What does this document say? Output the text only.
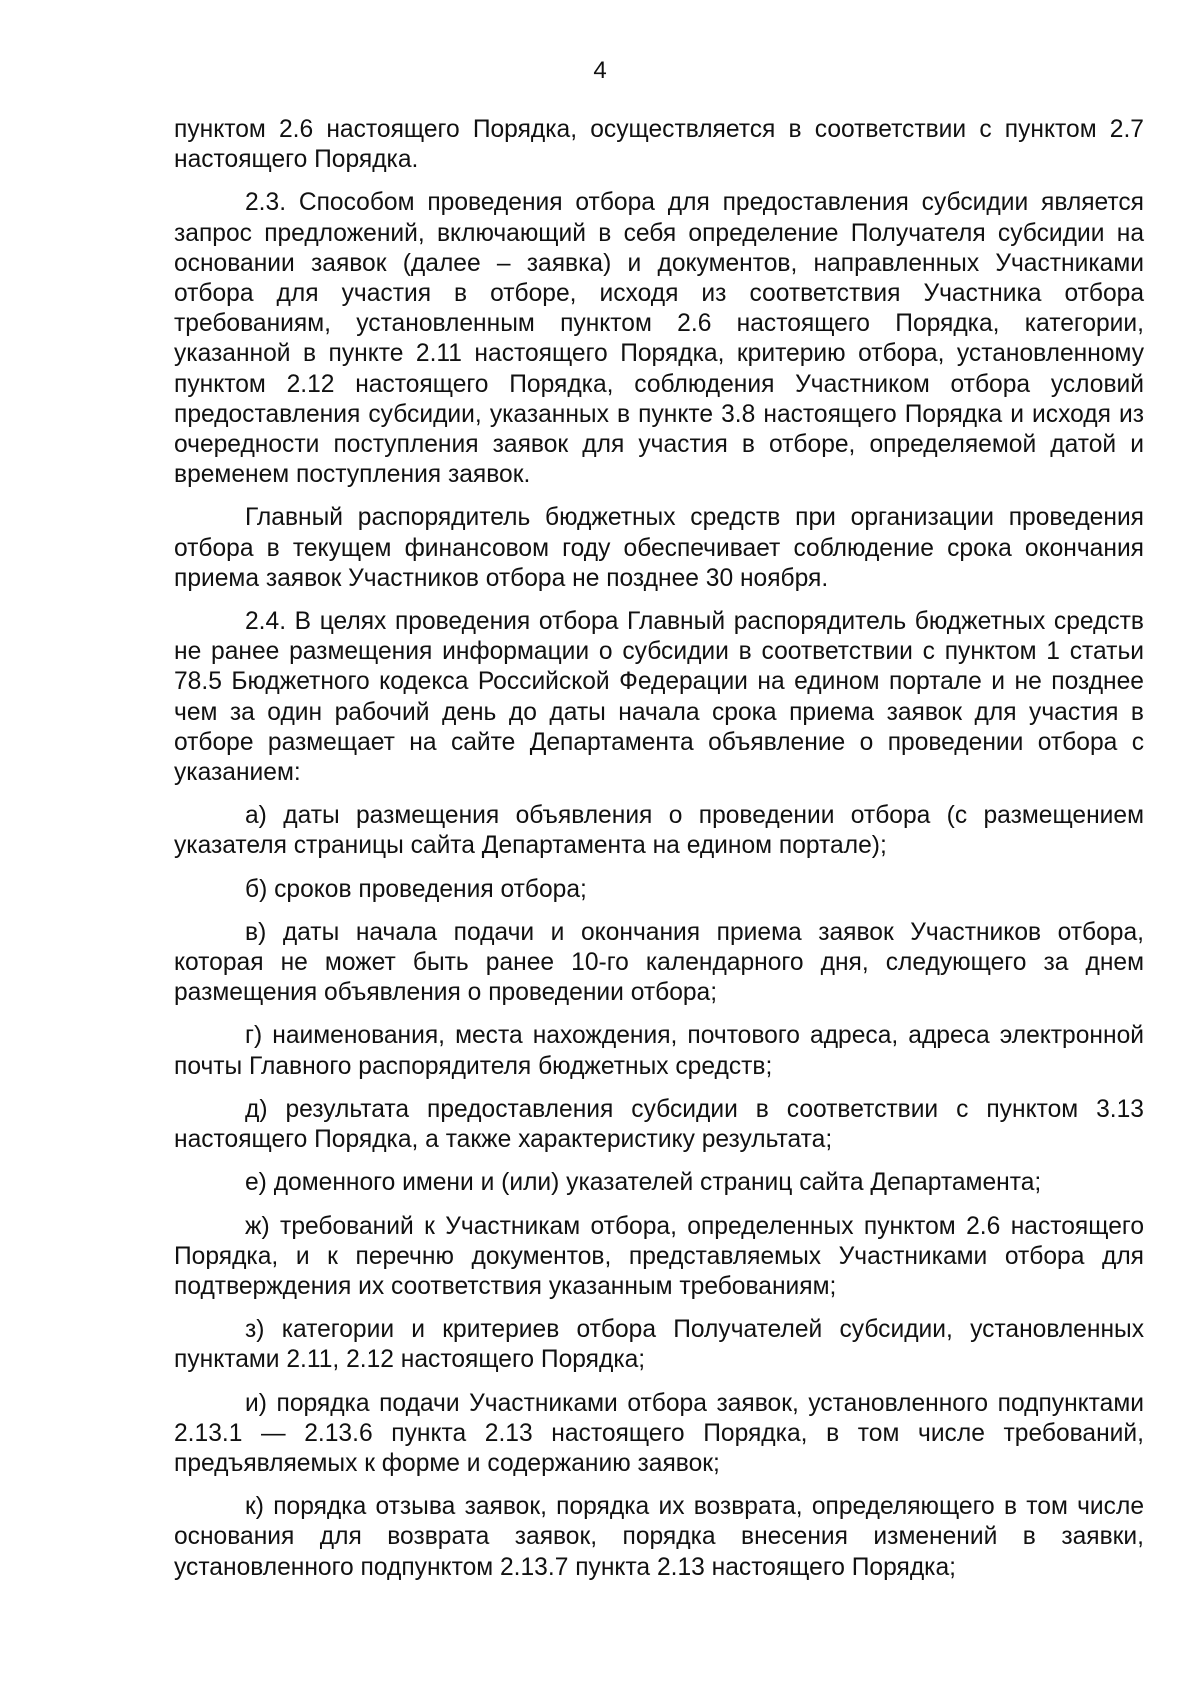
4

пунктом 2.6 настоящего Порядка, осуществляется в соответствии с пунктом 2.7 настоящего Порядка.

2.3. Способом проведения отбора для предоставления субсидии является запрос предложений, включающий в себя определение Получателя субсидии на основании заявок (далее – заявка) и документов, направленных Участниками отбора для участия в отборе, исходя из соответствия Участника отбора требованиям, установленным пунктом 2.6 настоящего Порядка, категории, указанной в пункте 2.11 настоящего Порядка, критерию отбора, установленному пунктом 2.12 настоящего Порядка, соблюдения Участником отбора условий предоставления субсидии, указанных в пункте 3.8 настоящего Порядка и исходя из очередности поступления заявок для участия в отборе, определяемой датой и временем поступления заявок.

Главный распорядитель бюджетных средств при организации проведения отбора в текущем финансовом году обеспечивает соблюдение срока окончания приема заявок Участников отбора не позднее 30 ноября.

2.4. В целях проведения отбора Главный распорядитель бюджетных средств не ранее размещения информации о субсидии в соответствии с пунктом 1 статьи 78.5 Бюджетного кодекса Российской Федерации на едином портале и не позднее чем за один рабочий день до даты начала срока приема заявок для участия в отборе размещает на сайте Департамента объявление о проведении отбора с указанием:

а) даты размещения объявления о проведении отбора (с размещением указателя страницы сайта Департамента на едином портале);

б) сроков проведения отбора;

в) даты начала подачи и окончания приема заявок Участников отбора, которая не может быть ранее 10-го календарного дня, следующего за днем размещения объявления о проведении отбора;

г) наименования, места нахождения, почтового адреса, адреса электронной почты Главного распорядителя бюджетных средств;

д) результата предоставления субсидии в соответствии с пунктом 3.13 настоящего Порядка, а также характеристику результата;

е) доменного имени и (или) указателей страниц сайта Департамента;

ж) требований к Участникам отбора, определенных пунктом 2.6 настоящего Порядка, и к перечню документов, представляемых Участниками отбора для подтверждения их соответствия указанным требованиям;

з) категории и критериев отбора Получателей субсидии, установленных пунктами 2.11, 2.12 настоящего Порядка;

и) порядка подачи Участниками отбора заявок, установленного подпунктами 2.13.1 — 2.13.6 пункта 2.13 настоящего Порядка, в том числе требований, предъявляемых к форме и содержанию заявок;

к) порядка отзыва заявок, порядка их возврата, определяющего в том числе основания для возврата заявок, порядка внесения изменений в заявки, установленного подпунктом 2.13.7 пункта 2.13 настоящего Порядка;
